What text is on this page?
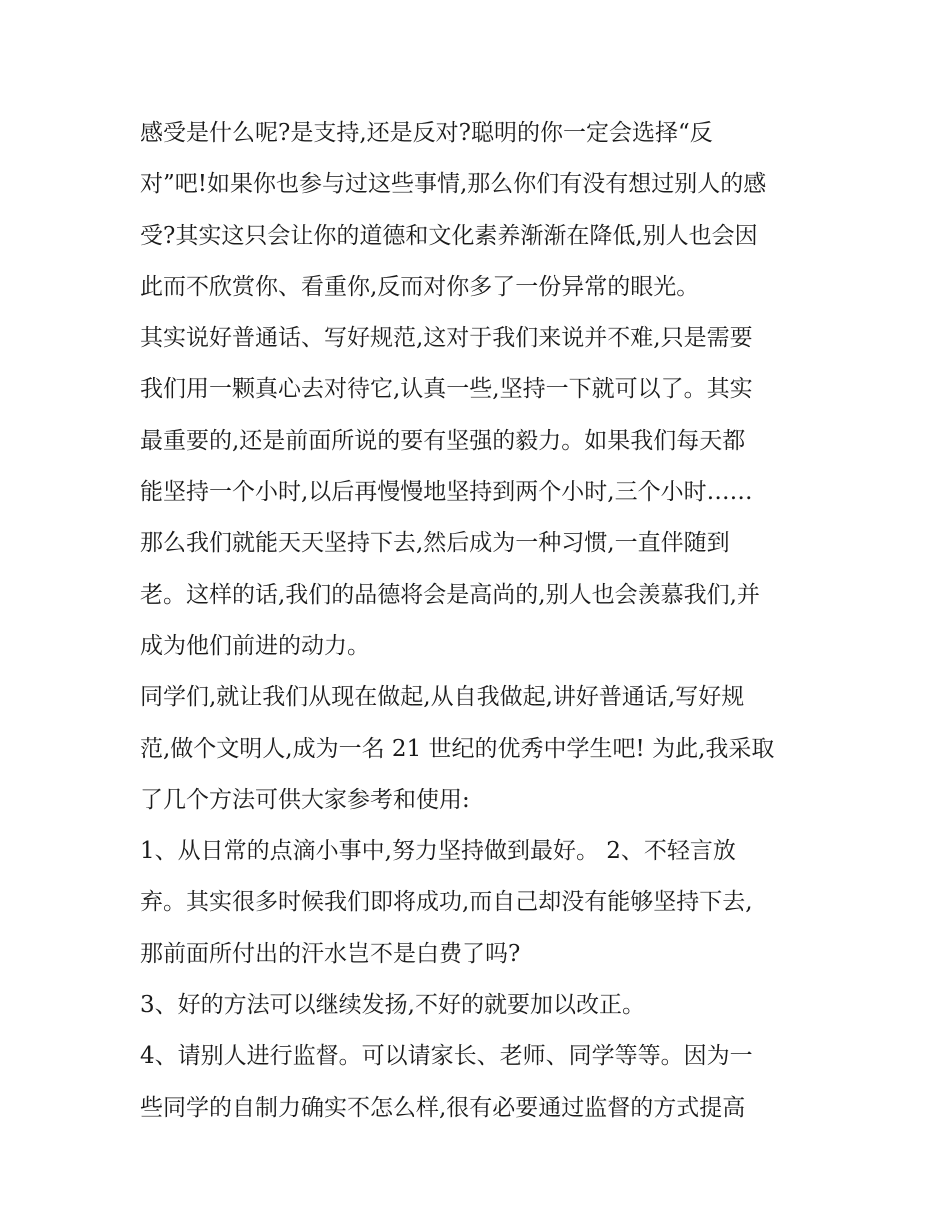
感受是什么呢?是支持,还是反对?聪明的你一定会选择“反
对”吧!如果你也参与过这些事情,那么你们有没有想过别人的感
受?其实这只会让你的道德和文化素养渐渐在降低,别人也会因
此而不欣赏你、看重你,反而对你多了一份异常的眼光。
其实说好普通话、写好规范,这对于我们来说并不难,只是需要
我们用一颗真心去对待它,认真一些,坚持一下就可以了。其实
最重要的,还是前面所说的要有坚强的毅力。如果我们每天都
能坚持一个小时,以后再慢慢地坚持到两个小时,三个小时……
那么我们就能天天坚持下去,然后成为一种习惯,一直伴随到
老。这样的话,我们的品德将会是高尚的,别人也会羡慕我们,并
成为他们前进的动力。
同学们,就让我们从现在做起,从自我做起,讲好普通话,写好规
范,做个文明人,成为一名 21 世纪的优秀中学生吧! 为此,我采取
了几个方法可供大家参考和使用:
1、从日常的点滴小事中,努力坚持做到最好。 2、不轻言放
弃。其实很多时候我们即将成功,而自己却没有能够坚持下去,
那前面所付出的汗水岂不是白费了吗?
3、好的方法可以继续发扬,不好的就要加以改正。
4、请别人进行监督。可以请家长、老师、同学等等。因为一
些同学的自制力确实不怎么样,很有必要通过监督的方式提高
